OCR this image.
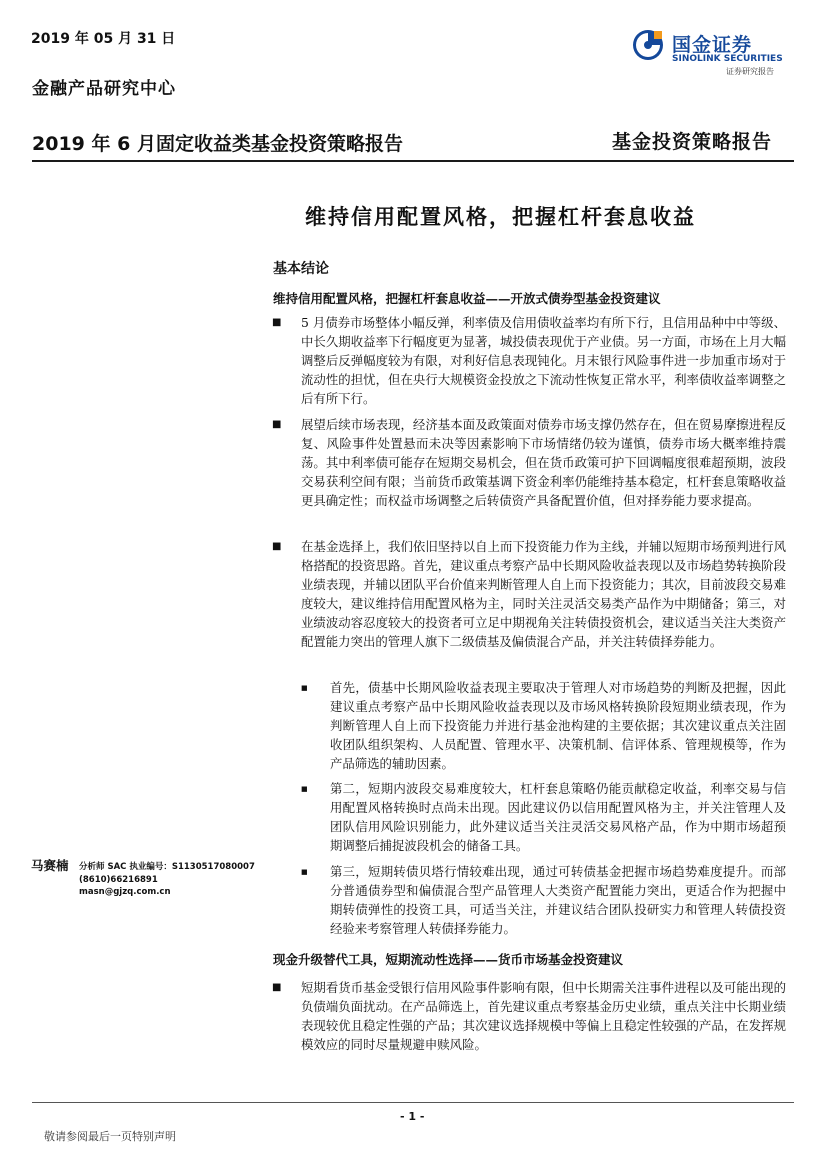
2019 年 05 月 31 日
金融产品研究中心
国金证券
SINOLINK SECURITIES
证券研究报告
2019 年 6 月固定收益类基金投资策略报告	基金投资策略报告
维持信用配置风格，把握杠杆套息收益
基本结论
维持信用配置风格，把握杠杆套息收益——开放式债券型基金投资建议
■ 5 月债券市场整体小幅反弹，利率债及信用债收益率均有所下行，且信用品种中中等级、中长久期收益率下行幅度更为显著，城投债表现优于产业债。另一方面，市场在上月大幅调整后反弹幅度较为有限，对利好信息表现钝化。月末银行风险事件进一步加重市场对于流动性的担忧，但在央行大规模资金投放之下流动性恢复正常水平，利率债收益率调整之后有所下行。
■ 展望后续市场表现，经济基本面及政策面对债券市场支撑仍然存在，但在贸易摩擦进程反复、风险事件处置悬而未决等因素影响下市场情绪仍较为谨慎，债券市场大概率维持震荡。其中利率债可能存在短期交易机会，但在货币政策可护下回调幅度很难超预期，波段交易获利空间有限；当前货币政策基调下资金利率仍能维持基本稳定，杠杆套息策略收益更具确定性；而权益市场调整之后转债资产具备配置价值，但对择券能力要求提高。
■ 在基金选择上，我们依旧坚持以自上而下投资能力作为主线，并辅以短期市场预判进行风格搭配的投资思路。首先，建议重点考察产品中长期风险收益表现以及市场趋势转换阶段业绩表现，并辅以团队平台价值来判断管理人自上而下投资能力；其次，目前波段交易难度较大，建议维持信用配置风格为主，同时关注灵活交易类产品作为中期储备；第三，对业绩波动容忍度较大的投资者可立足中期视角关注转债投资机会，建议适当关注大类资产配置能力突出的管理人旗下二级债基及偏债混合产品，并关注转债择券能力。
■ 首先，债基中长期风险收益表现主要取决于管理人对市场趋势的判断及把握，因此建议重点考察产品中长期风险收益表现以及市场风格转换阶段短期业绩表现，作为判断管理人自上而下投资能力并进行基金池构建的主要依据；其次建议重点关注固收团队组织架构、人员配置、管理水平、决策机制、信评体系、管理规模等，作为产品筛选的辅助因素。
■ 第二，短期内波段交易难度较大，杠杆套息策略仍能贡献稳定收益，利率交易与信用配置风格转换时点尚未出现。因此建议仍以信用配置风格为主，并关注管理人及团队信用风险识别能力，此外建议适当关注灵活交易风格产品，作为中期市场超预期调整后捕捉波段机会的储备工具。
■ 第三，短期转债贝塔行情较难出现，通过可转债基金把握市场趋势难度提升。而部分普通债券型和偏债混合型产品管理人大类资产配置能力突出，更适合作为把握中期转债弹性的投资工具，可适当关注，并建议结合团队投研实力和管理人转债投资经验来考察管理人转债择券能力。
现金升级替代工具，短期流动性选择——货币市场基金投资建议
■ 短期看货币基金受银行信用风险事件影响有限，但中长期需关注事件进程以及可能出现的负债端负面扰动。在产品筛选上，首先建议重点考察基金历史业绩，重点关注中长期业绩表现较优且稳定性强的产品；其次建议选择规模中等偏上且稳定性较强的产品，在发挥规模效应的同时尽量规避申赎风险。
马赛楠 分析师 SAC 执业编号：S1130517080007
(8610)66216891
masn@gjzq.com.cn
- 1 -
敬请参阅最后一页特别声明
